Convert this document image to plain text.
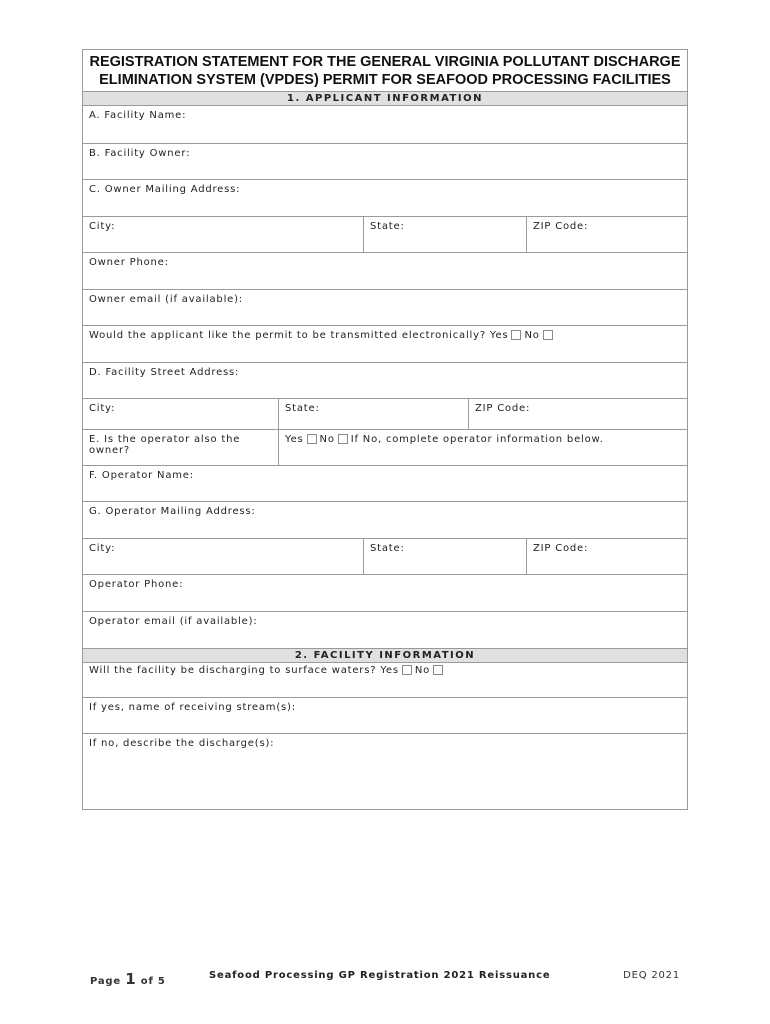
REGISTRATION STATEMENT FOR THE GENERAL VIRGINIA POLLUTANT DISCHARGE
ELIMINATION SYSTEM (VPDES) PERMIT FOR SEAFOOD PROCESSING FACILITIES
1. APPLICANT INFORMATION
A. Facility Name:
B. Facility Owner:
C. Owner Mailing Address:
City:	State:	ZIP Code:
Owner Phone:
Owner email (if available):
Would the applicant like the permit to be transmitted electronically? Yes No
D. Facility Street Address:
City:	State:	ZIP Code:
E. Is the operator also the owner?
Yes No If No, complete operator information below.
F. Operator Name:
G. Operator Mailing Address:
City:	State:	ZIP Code:
Operator Phone:
Operator email (if available):
2. FACILITY INFORMATION
Will the facility be discharging to surface waters? Yes No
If yes, name of receiving stream(s):
If no, describe the discharge(s):
Page 1 of 5
Seafood Processing GP Registration 2021 Reissuance	DEQ 2021
